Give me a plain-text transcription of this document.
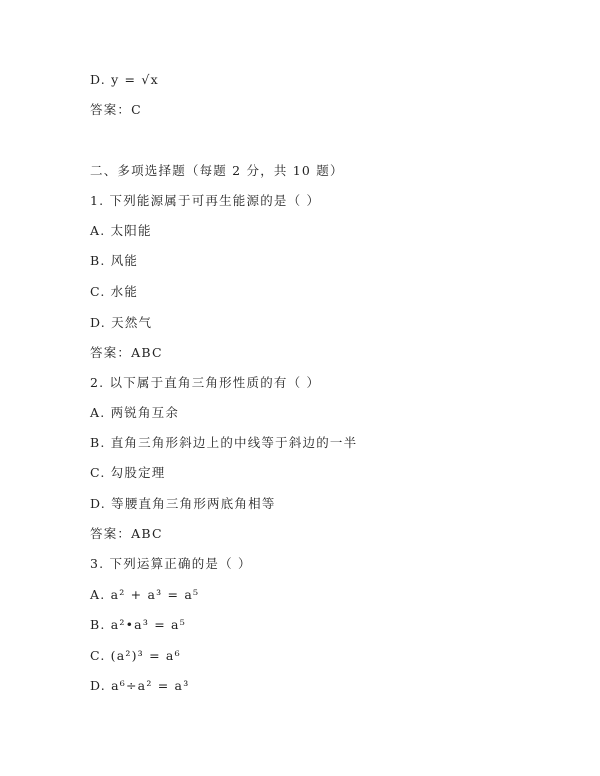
D. y = √x
答案：C
二、多项选择题（每题 2 分，共 10 题）
1. 下列能源属于可再生能源的是（ ）
A. 太阳能
B. 风能
C. 水能
D. 天然气
答案：ABC
2. 以下属于直角三角形性质的有（ ）
A. 两锐角互余
B. 直角三角形斜边上的中线等于斜边的一半
C. 勾股定理
D. 等腰直角三角形两底角相等
答案：ABC
3. 下列运算正确的是（ ）
A. a² + a³ = a⁵
B. a²•a³ = a⁵
C. (a²)³ = a⁶
D. a⁶÷a² = a³
